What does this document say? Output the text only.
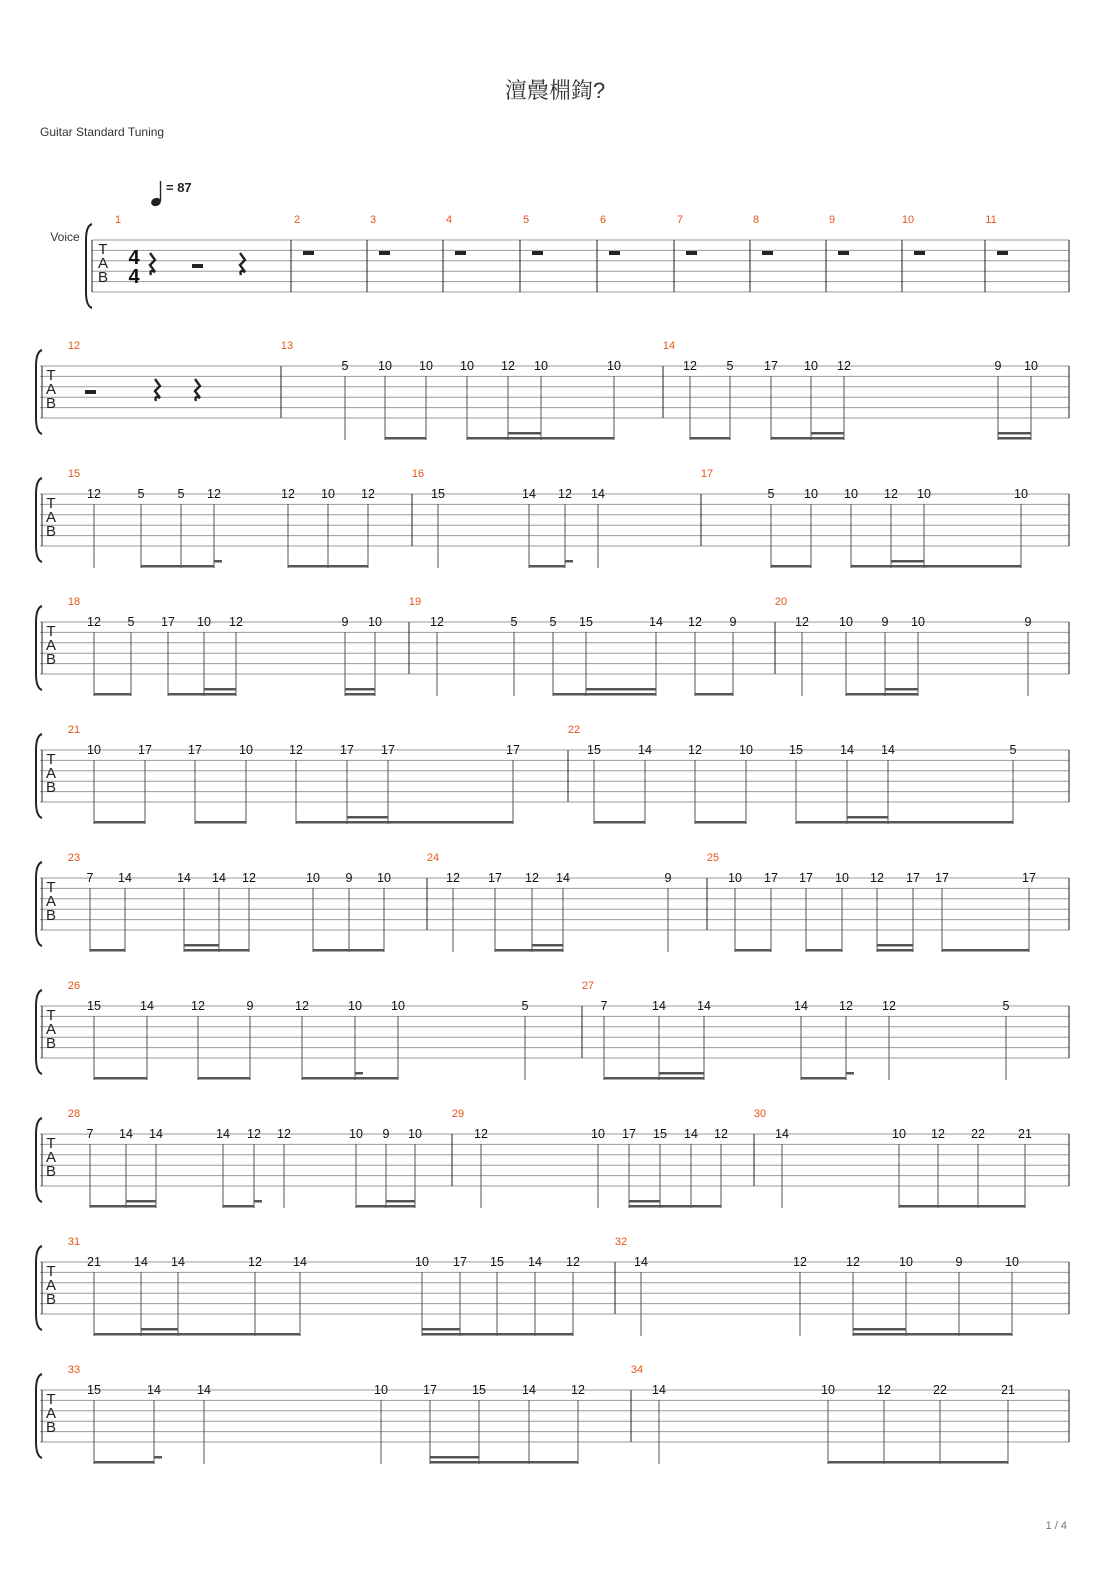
澶曟棩鍧?
Guitar Standard Tuning
T
A
B
1	2	3	4	5	6	7	8	9	10	11
T
A
B
12	13
5 10 10 10 12 10	10
14
12 5 17 10 12	9 10
T
A
B
15
12	5	5 12	12 10 12
16
15	14 12 14
17
5 10 10 12 10	10
T
A
B
18
12 5 17 10 12	9 10
19
12	5	5 15	14 12 9
20
12 10 9 10	9
T
A
B
21
10	17	17	10	12	17 17	17
22
15	14	12	10	15	14 14	5
T
A
B
23
7 14	14 14 12	10 9 10
24
12 17 12 14	9
25
10 17 17 10 12 17 17	17
T
A
B
26
15	14	12	9	12	10 10	5
27
7	14 14	14 12 12	5
T
A
B
28
7 14 14	14 12 12	10 9 10
29
12	10 17 15 14 12
30
14	10 12 22	21
T
A
B
31
21	14 14	12 14	10 17 15 14 12
32
14	12	12	10	9	10
T
A
B
33
15	14	14	10	17	15	14	12
34
14	10	12	22	21
Voice
4
4
= 87
1 / 4
